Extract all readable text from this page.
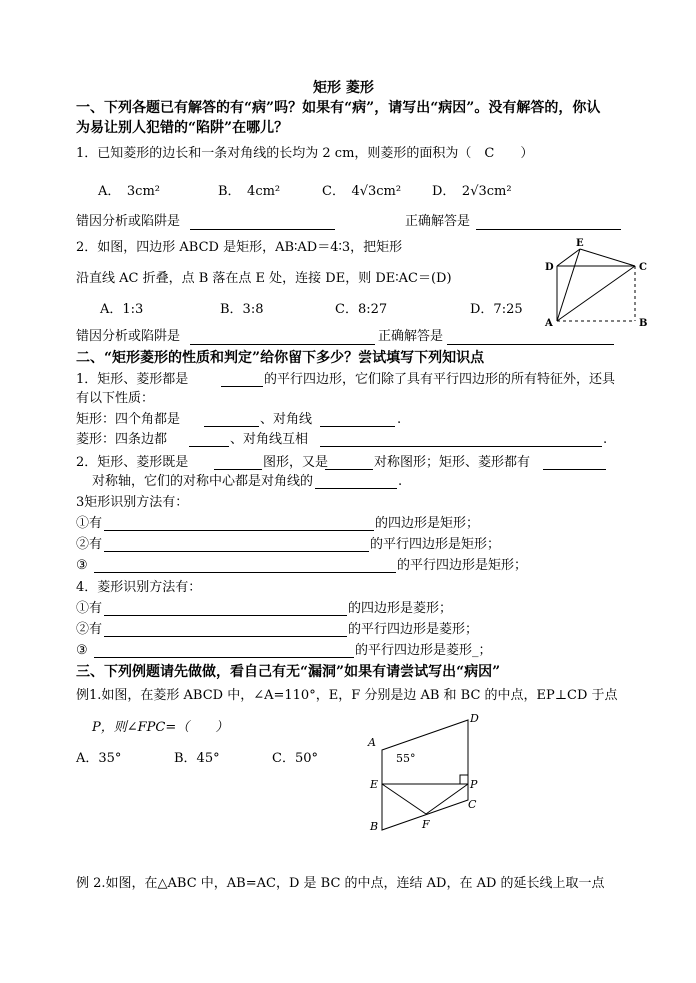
矩形 菱形
一、下列各题已有解答的有“病”吗？如果有“病”，请写出“病因”。没有解答的，你认
为易让别人犯错的“陷阱”在哪儿？
1．已知菱形的边长和一条对角线的长均为 2 cm，则菱形的面积为（　C　　）
A．　3cm²	B．　4cm²	C．　4√3cm² D．　2√3cm²
错因分析或陷阱是	正确解答是
2．如图，四边形 ABCD 是矩形，AB∶AD＝4∶3，把矩形
沿直线 AC 折叠，点 B 落在点 E 处，连接 DE，则 DE∶AC＝(D)
A．1:3	B．3:8	C．8:27	D．7:25
错因分析或陷阱是	正确解答是
E
D	C
A	B
二、“矩形菱形的性质和判定”给你留下多少？尝试填写下列知识点
1．矩形、菱形都是	的平行四边形，它们除了具有平行四边形的所有特征外，还具
有以下性质：
矩形：四个角都是	、对角线	.
菱形：四条边都	、对角线互相	.
2．矩形、菱形既是	图形，又是	对称图形；矩形、菱形都有
对称轴，它们的对称中心都是对角线的	.
3矩形识别方法有：
①有	的四边形是矩形；
②有	的平行四边形是矩形；
③	的平行四边形是矩形；
4．菱形识别方法有：
①有	的四边形是菱形；
②有	的平行四边形是菱形；
③	的平行四边形是菱形_；
三、下列例题请先做做，看自己有无“漏洞”如果有请尝试写出“病因”
例1.如图，在菱形 ABCD 中，∠A=110°，E，F 分别是边 AB 和 BC 的中点，EP⊥CD 于点
P，则∠FPC=（　　）
A．35°	B．45°	C．50°
A
D
E	P
C
F
B
55°
例 2.如图，在△ABC 中，AB=AC，D 是 BC 的中点，连结 AD，在 AD 的延长线上取一点
